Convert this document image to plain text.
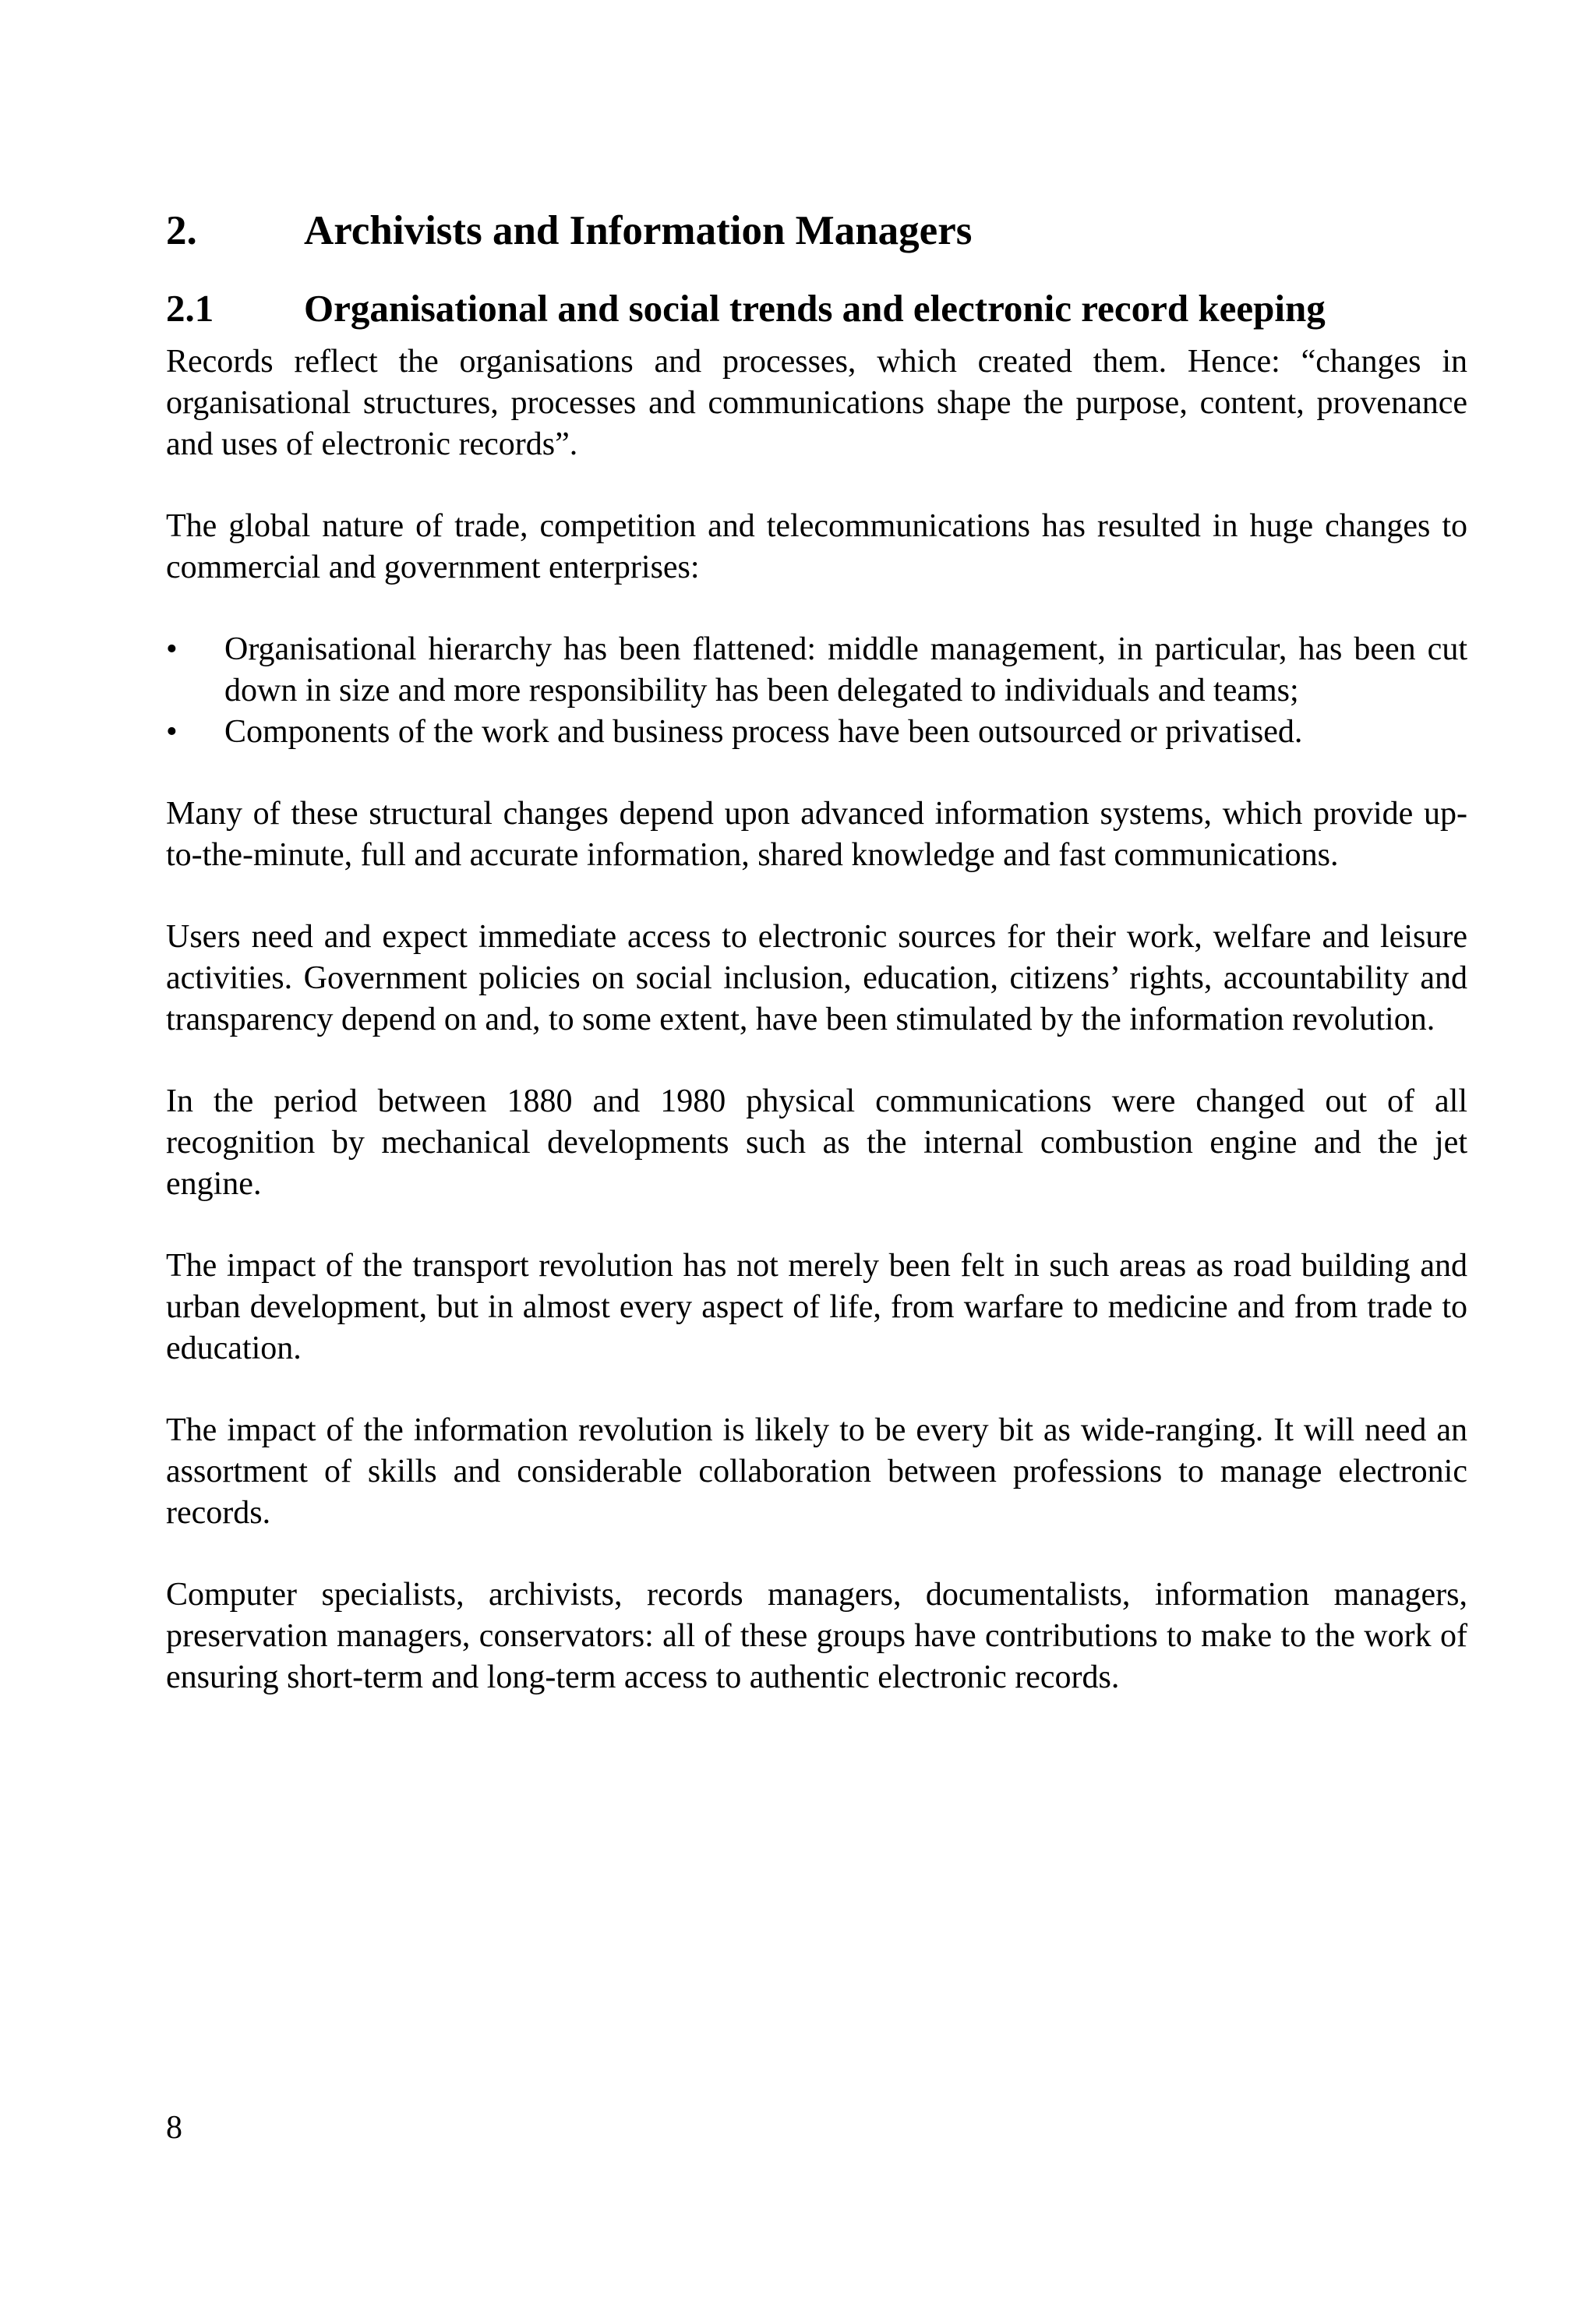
2.	Archivists and Information Managers
2.1	Organisational and social trends and electronic record keeping

Records reflect the organisations and processes, which created them. Hence: “changes in organisational structures, processes and communications shape the purpose, content, provenance and uses of electronic records”.

The global nature of trade, competition and telecommunications has resulted in huge changes to commercial and government enterprises:

•	Organisational hierarchy has been flattened: middle management, in particular, has been cut down in size and more responsibility has been delegated to individuals and teams;
•	Components of the work and business process have been outsourced or privatised.

Many of these structural changes depend upon advanced information systems, which provide up-to-the-minute, full and accurate information, shared knowledge and fast communications.

Users need and expect immediate access to electronic sources for their work, welfare and leisure activities. Government policies on social inclusion, education, citizens’ rights, accountability and transparency depend on and, to some extent, have been stimulated by the information revolution.

In the period between 1880 and 1980 physical communications were changed out of all recognition by mechanical developments such as the internal combustion engine and the jet engine.

The impact of the transport revolution has not merely been felt in such areas as road building and urban development, but in almost every aspect of life, from warfare to medicine and from trade to education.

The impact of the information revolution is likely to be every bit as wide-ranging. It will need an assortment of skills and considerable collaboration between professions to manage electronic records.

Computer specialists, archivists, records managers, documentalists, information managers, preservation managers, conservators: all of these groups have contributions to make to the work of ensuring short-term and long-term access to authentic electronic records.

8
